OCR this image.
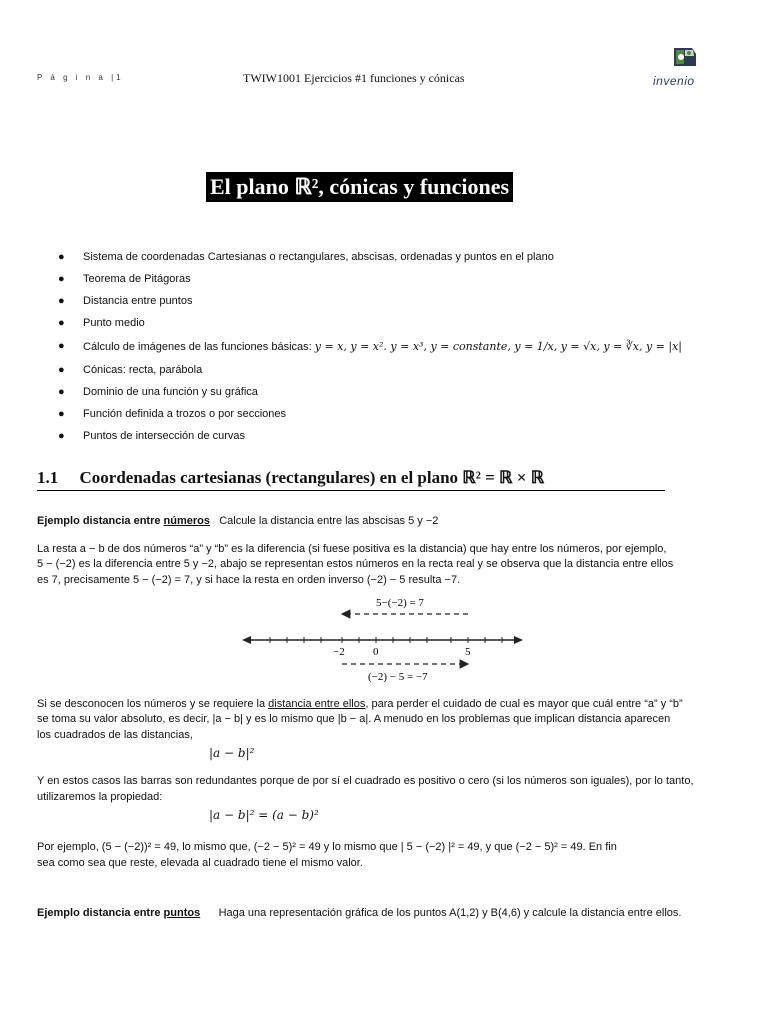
P á g i n a |1	TWIW1001 Ejercicios #1 funciones y cónicas	invenio
El plano ℝ², cónicas y funciones
● Sistema de coordenadas Cartesianas o rectangulares, abscisas, ordenadas y puntos en el plano
● Teorema de Pitágoras
● Distancia entre puntos
● Punto medio
● Cálculo de imágenes de las funciones básicas: y = x, y = x². y = x³, y = constante, y = 1/x, y = √x, y = ∛x, y = |x|
● Cónicas: recta, parábola
● Dominio de una función y su gráfica
● Función definida a trozos o por secciones
● Puntos de intersección de curvas
1.1 Coordenadas cartesianas (rectangulares) en el plano ℝ² = ℝ × ℝ
Ejemplo distancia entre números Calcule la distancia entre las abscisas 5 y −2
La resta a − b de dos números “a” y “b” es la diferencia (si fuese positiva es la distancia) que hay entre los números, por ejemplo,
5 − (−2) es la diferencia entre 5 y −2, abajo se representan estos números en la recta real y se observa que la distancia entre ellos
es 7, precisamente 5 − (−2) = 7, y si hace la resta en orden inverso (−2) − 5 resulta −7.
5−(−2) = 7
−2	0	5
(−2) − 5 = −7
Si se desconocen los números y se requiere la distancia entre ellos, para perder el cuidado de cual es mayor que cuál entre “a” y “b”
se toma su valor absoluto, es decir, |a − b| y es lo mismo que |b − a|. A menudo en los problemas que implican distancia aparecen
los cuadrados de las distancias,
|a − b|²
Y en estos casos las barras son redundantes porque de por sí el cuadrado es positivo o cero (si los números son iguales), por lo tanto,
utilizaremos la propiedad:
|a − b|² = (a − b)²
Por ejemplo, (5 − (−2))² = 49, lo mismo que, (−2 − 5)² = 49 y lo mismo que | 5 − (−2) |² = 49, y que (−2 − 5)² = 49. En fin
sea como sea que reste, elevada al cuadrado tiene el mismo valor.
Ejemplo distancia entre puntos Haga una representación gráfica de los puntos A(1,2) y B(4,6) y calcule la distancia entre ellos.
